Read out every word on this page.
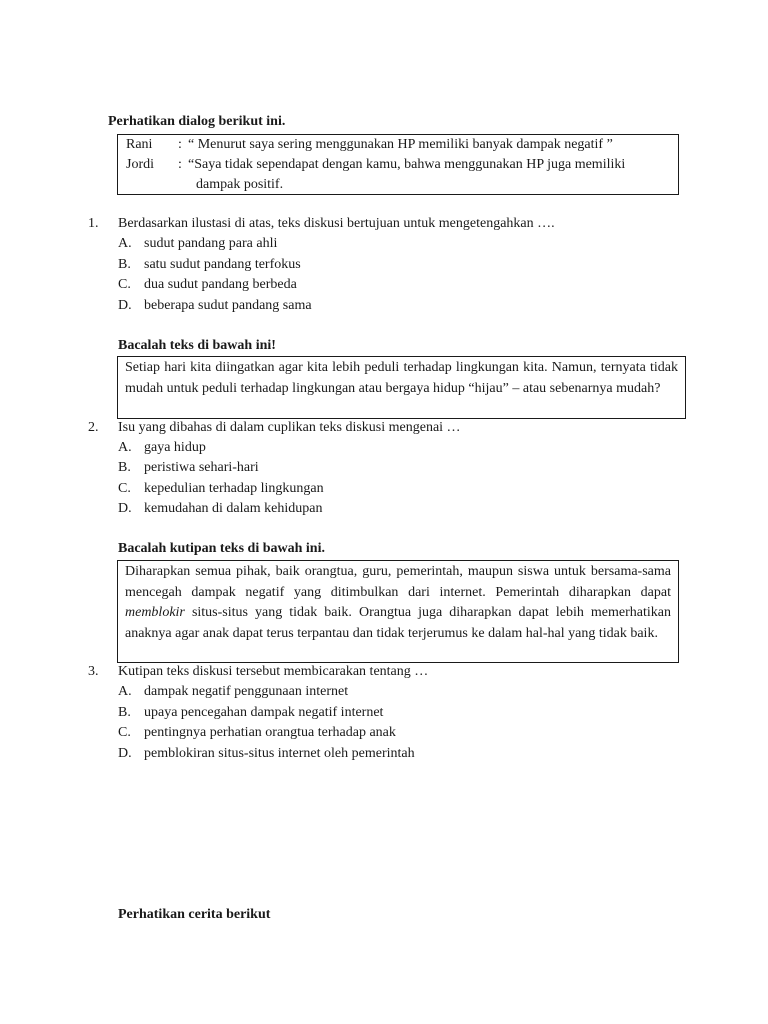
Perhatikan dialog berikut ini.
Rani	: “ Menurut saya sering menggunakan HP memiliki banyak dampak negatif ”
Jordi	: “Saya tidak sependapat dengan kamu, bahwa menggunakan HP juga memiliki
dampak positif.
1. Berdasarkan ilustasi di atas, teks diskusi bertujuan untuk mengetengahkan ….
A. sudut pandang para ahli
B. satu sudut pandang terfokus
C. dua sudut pandang berbeda
D. beberapa sudut pandang sama
Bacalah teks di bawah ini!
Setiap hari kita diingatkan agar kita lebih peduli terhadap lingkungan kita. Namun, ternyata tidak mudah untuk peduli terhadap lingkungan atau bergaya hidup “hijau” – atau sebenarnya mudah?
2. Isu yang dibahas di dalam cuplikan teks diskusi mengenai …
A. gaya hidup
B. peristiwa sehari-hari
C. kepedulian terhadap lingkungan
D. kemudahan di dalam kehidupan
Bacalah kutipan teks di bawah ini.
Diharapkan semua pihak, baik orangtua, guru, pemerintah, maupun siswa untuk bersama-sama mencegah dampak negatif yang ditimbulkan dari internet. Pemerintah diharapkan dapat memblokir situs-situs yang tidak baik. Orangtua juga diharapkan dapat lebih memerhatikan anaknya agar anak dapat terus terpantau dan tidak terjerumus ke dalam hal-hal yang tidak baik.
3. Kutipan teks diskusi tersebut membicarakan tentang …
A. dampak negatif penggunaan internet
B. upaya pencegahan dampak negatif internet
C. pentingnya perhatian orangtua terhadap anak
D. pemblokiran situs-situs internet oleh pemerintah
Perhatikan cerita berikut
